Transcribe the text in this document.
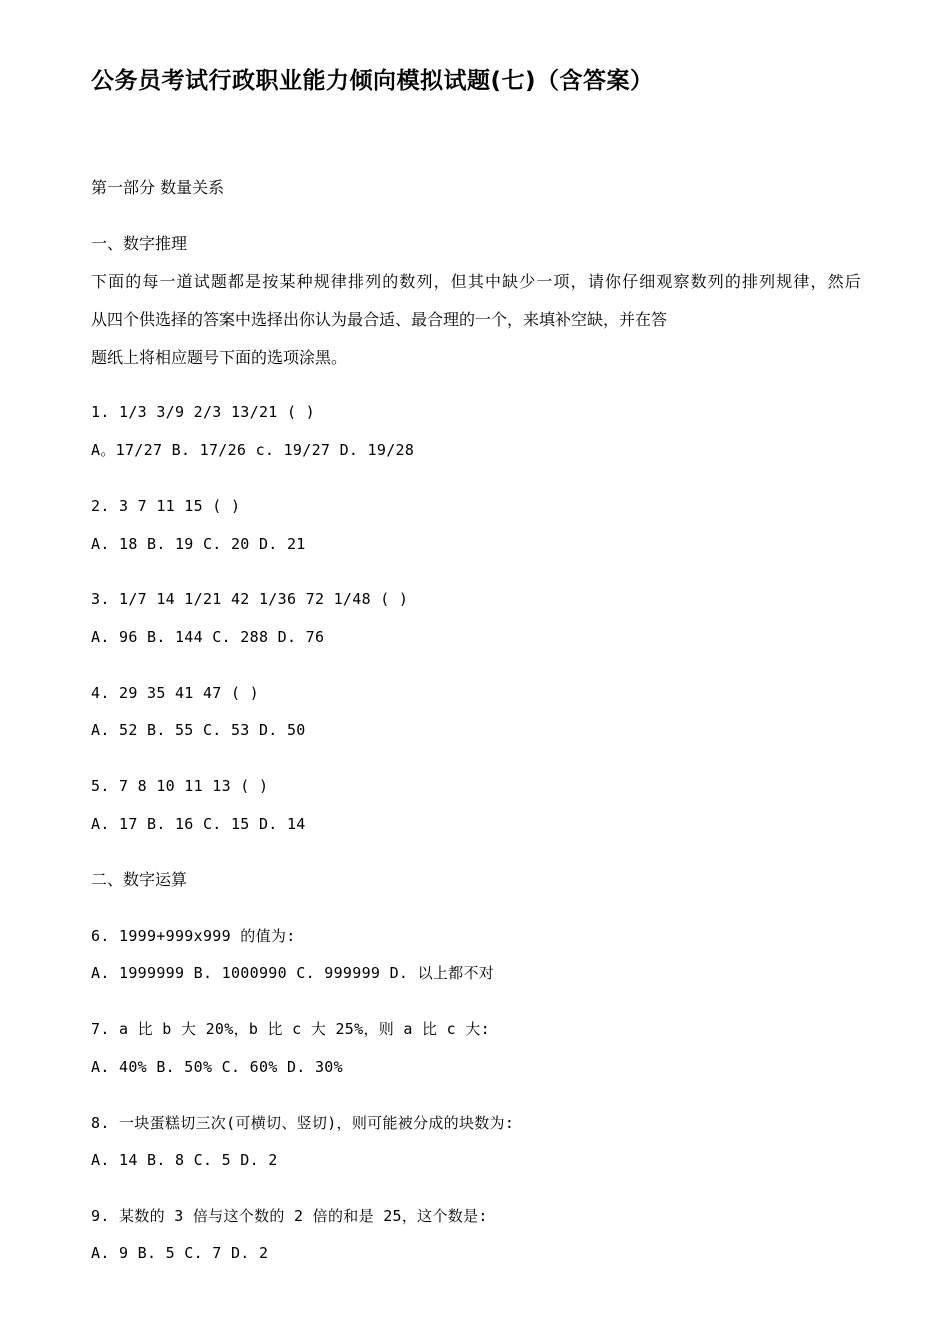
公务员考试行政职业能力倾向模拟试题(七)（含答案）
第一部分 数量关系
一、数字推理
下面的每一道试题都是按某种规律排列的数列，但其中缺少一项，请你仔细观察数列的排列规律，然后
从四个供选择的答案中选择出你认为最合适、最合理的一个，来填补空缺，并在答
题纸上将相应题号下面的选项涂黑。
1. 1/3 3/9 2/3 13/21 ( )
A。17/27 B. 17/26 c. 19/27 D. 19/28
2. 3 7 11 15 ( )
A. 18 B. 19 C. 20 D. 21
3. 1/7 14 1/21 42 1/36 72 1/48 ( )
A. 96 B. 144 C. 288 D. 76
4. 29 35 41 47 ( )
A. 52 B. 55 C. 53 D. 50
5. 7 8 10 11 13 ( )
A. 17 B. 16 C. 15 D. 14
二、数字运算
6. 1999+999x999 的值为:
A. 1999999 B. 1000990 C. 999999 D. 以上都不对
7. a 比 b 大 20%，b 比 c 大 25%，则 a 比 c 大:
A. 40% B. 50% C. 60% D. 30%
8. 一块蛋糕切三次(可横切、竖切)，则可能被分成的块数为:
A. 14 B. 8 C. 5 D. 2
9. 某数的 3 倍与这个数的 2 倍的和是 25，这个数是:
A. 9 B. 5 C. 7 D. 2
